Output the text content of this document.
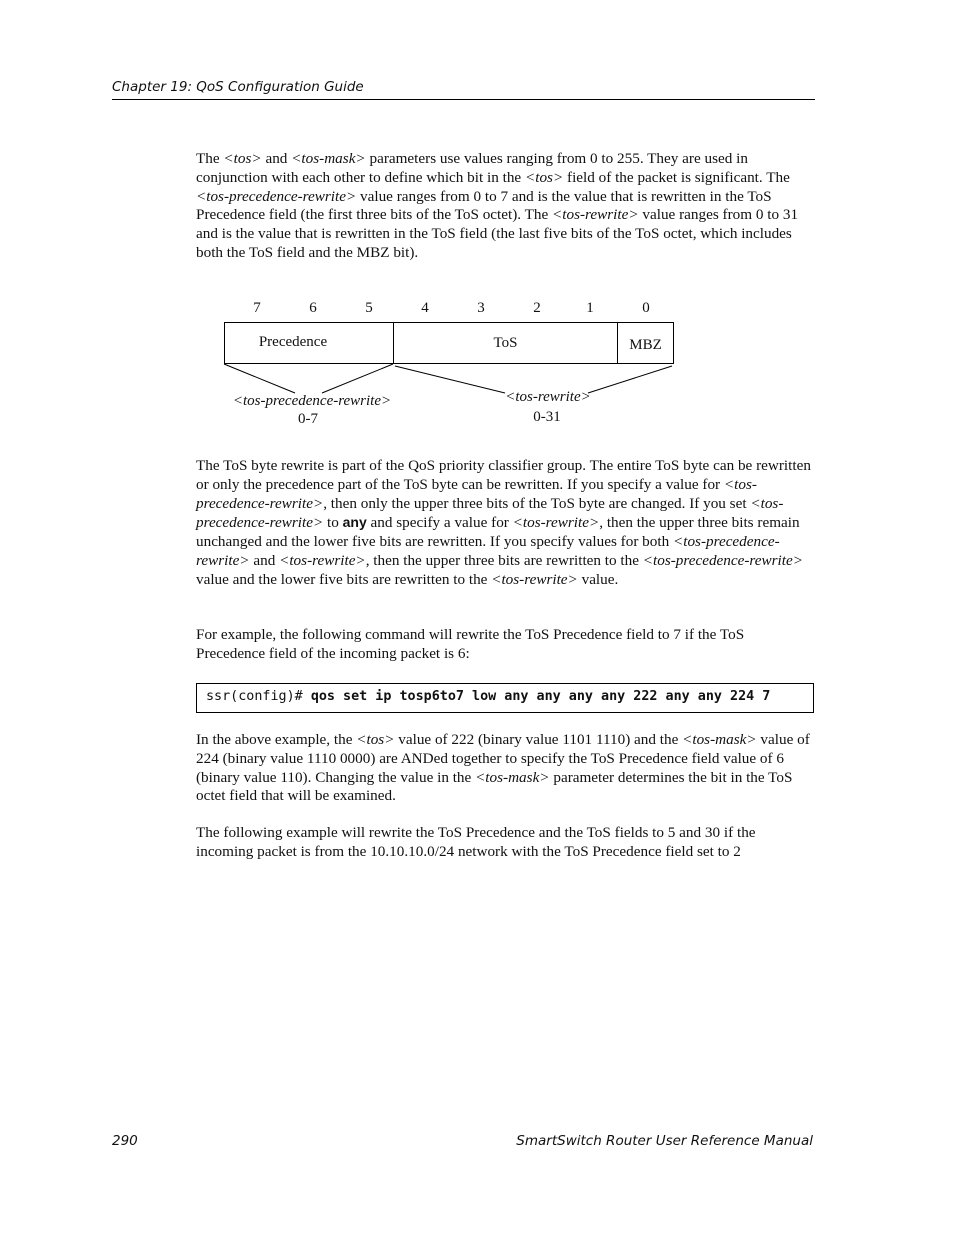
Chapter 19: QoS Configuration Guide

The <tos> and <tos-mask> parameters use values ranging from 0 to 255. They are used in conjunction with each other to define which bit in the <tos> field of the packet is significant. The <tos-precedence-rewrite> value ranges from 0 to 7 and is the value that is rewritten in the ToS Precedence field (the first three bits of the ToS octet). The <tos-rewrite> value ranges from 0 to 31 and is the value that is rewritten in the ToS field (the last five bits of the ToS octet, which includes both the ToS field and the MBZ bit).

7	6	5	4	3	2	1	0
Precedence	ToS	MBZ
<tos-precedence-rewrite>
0-7
<tos-rewrite>
0-31

The ToS byte rewrite is part of the QoS priority classifier group. The entire ToS byte can be rewritten or only the precedence part of the ToS byte can be rewritten. If you specify a value for <tos-precedence-rewrite>, then only the upper three bits of the ToS byte are changed. If you set <tos-precedence-rewrite> to any and specify a value for <tos-rewrite>, then the upper three bits remain unchanged and the lower five bits are rewritten. If you specify values for both <tos-precedence-rewrite> and <tos-rewrite>, then the upper three bits are rewritten to the <tos-precedence-rewrite> value and the lower five bits are rewritten to the <tos-rewrite> value.

For example, the following command will rewrite the ToS Precedence field to 7 if the ToS Precedence field of the incoming packet is 6:

ssr(config)# qos set ip tosp6to7 low any any any any 222 any any 224 7

In the above example, the <tos> value of 222 (binary value 1101 1110) and the <tos-mask> value of 224 (binary value 1110 0000) are ANDed together to specify the ToS Precedence field value of 6 (binary value 110). Changing the value in the <tos-mask> parameter determines the bit in the ToS octet field that will be examined.

The following example will rewrite the ToS Precedence and the ToS fields to 5 and 30 if the incoming packet is from the 10.10.10.0/24 network with the ToS Precedence field set to 2

290	SmartSwitch Router User Reference Manual
